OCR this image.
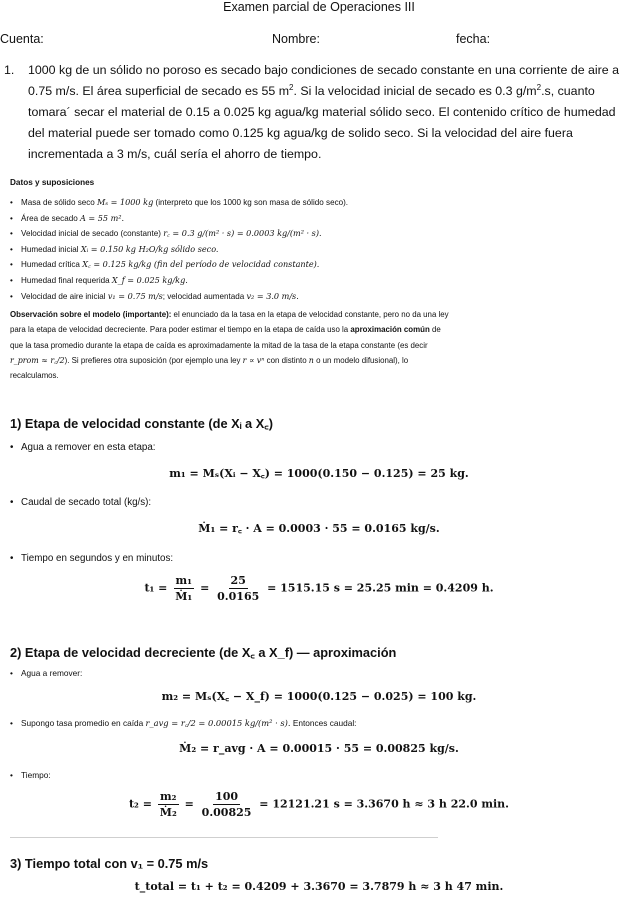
Examen parcial de Operaciones III
Cuenta:	Nombre:	fecha:
1. 1000 kg de un sólido no poroso es secado bajo condiciones de secado constante en una corriente de aire a 0.75 m/s. El área superficial de secado es 55 $m^2$. Si la velocidad inicial de secado es 0.3 $g/m^2.s$, cuanto tomara´ secar el material de 0.15 a 0.025 kg agua/kg material sólido seco. El contenido crítico de humedad del material puede ser tomado como 0.125 kg agua/kg de solido seco. Si la velocidad del aire fuera incrementada a 3 m/s, cuál sería el ahorro de tiempo.
Datos y suposiciones
• Masa de sólido seco Mₛ = 1000 kg (interpreto que los 1000 kg son masa de sólido seco).
• Área de secado A = 55 m².
• Velocidad inicial de secado (constante) r꜀ = 0.3 g/(m² · s) = 0.0003 kg/(m² · s).
• Humedad inicial Xᵢ = 0.150 kg H₂O/kg sólido seco.
• Humedad crítica X꜀ = 0.125 kg/kg (fin del período de velocidad constante).
• Humedad final requerida X_f = 0.025 kg/kg.
• Velocidad de aire inicial v₁ = 0.75 m/s; velocidad aumentada v₂ = 3.0 m/s.
Observación sobre el modelo (importante): el enunciado da la tasa en la etapa de velocidad constante, pero no da una ley para la etapa de velocidad decreciente. Para poder estimar el tiempo en la etapa de caída uso la aproximación común de que la tasa promedio durante la etapa de caída es aproximadamente la mitad de la tasa de la etapa constante (es decir r_prom ≈ r꜀/2). Si prefieres otra suposición (por ejemplo una ley r ∝ vⁿ con distinto n o un modelo difusional), lo recalculamos.
1) Etapa de velocidad constante (de Xᵢ a X꜀)
• Agua a remover en esta etapa:
m₁ = Mₛ(Xᵢ − X꜀) = 1000(0.150 − 0.125) = 25 kg.
• Caudal de secado total (kg/s):
Ṁ₁ = r꜀ · A = 0.0003 · 55 = 0.0165 kg/s.
• Tiempo en segundos y en minutos:
$t_1 = \frac{\text{m₁}}{\text{Ṁ₁}} = \frac{25}{0.0165} = 1515.15$ s = 25.25 min = 0.4209 h.
2) Etapa de velocidad decreciente (de X꜀ a X_f) — aproximación
• Agua a remover:
m₂ = Mₛ(X꜀ − X_f) = 1000(0.125 − 0.025) = 100 kg.
• Supongo tasa promedio en caída r_avg = r꜀/2 = 0.00015 kg/(m² · s). Entonces caudal:
Ṁ₂ = r_avg · A = 0.00015 · 55 = 0.00825 kg/s.
• Tiempo:
$t_2 = \frac{\text{m₂}}{\text{Ṁ₂}} = \frac{100}{0.00825} = 12121.21$ s = 3.3670 h ≈ 3 h 22.0 min.
3) Tiempo total con v₁ = 0.75 m/s
t_total = t₁ + t₂ = 0.4209 + 3.3670 = 3.7879 h ≈ 3 h 47 min.
